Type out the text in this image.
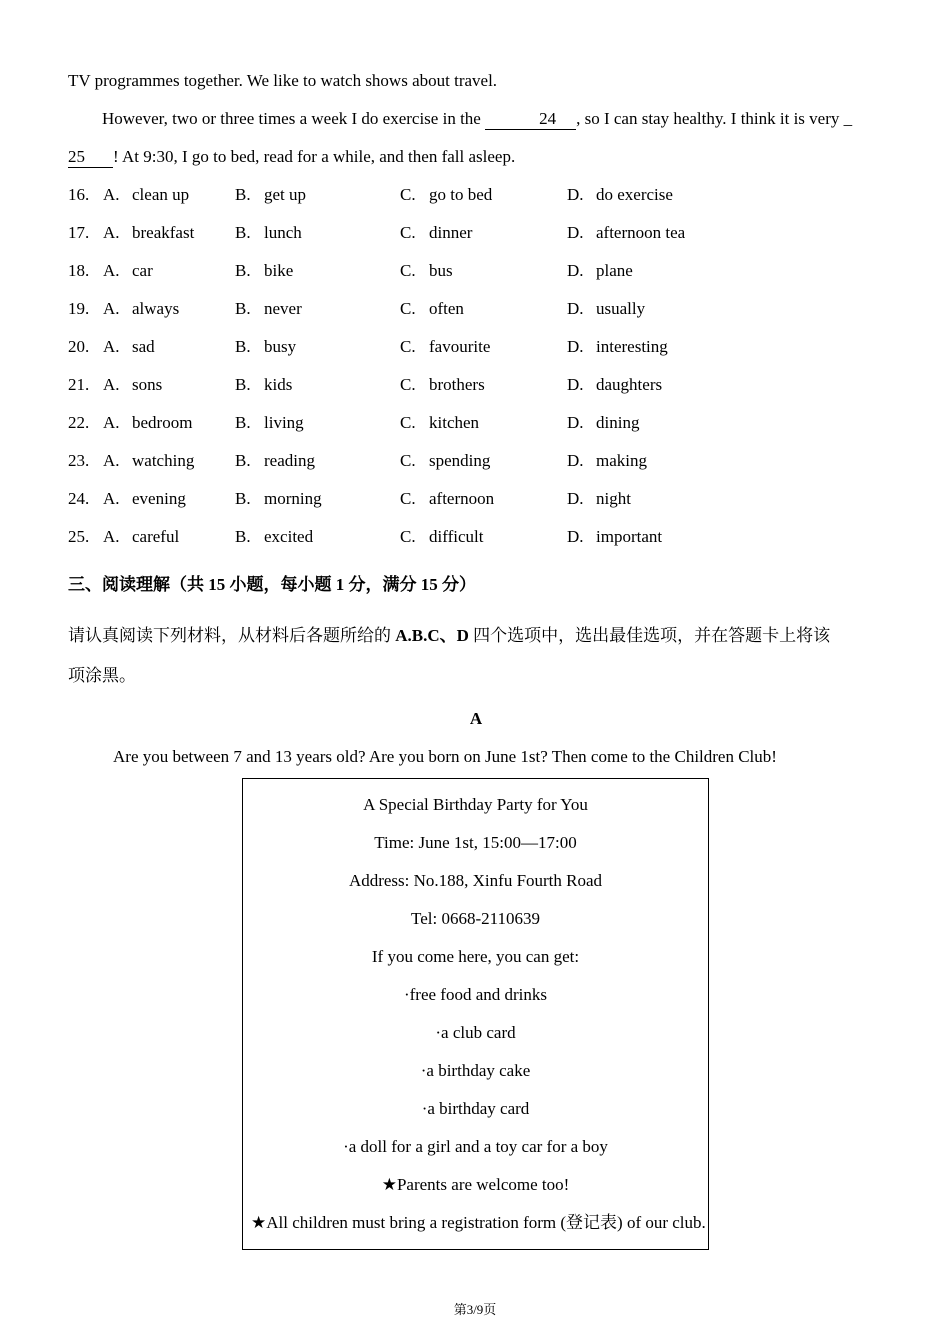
TV programmes together. We like to watch shows about travel.

However, two or three times a week I do exercise in the	24 , so I can stay healthy. I think it is very _

25 ! At 9:30, I go to bed, read for a while, and then fall asleep.

16. A. clean up	B. get up	C. go to bed	D. do exercise
17. A. breakfast	B. lunch	C. dinner	D. afternoon tea
18. A. car	B. bike	C. bus	D. plane
19. A. always	B. never	C. often	D. usually
20. A. sad	B. busy	C. favourite	D. interesting
21. A. sons	B. kids	C. brothers	D. daughters
22. A. bedroom	B. living	C. kitchen	D. dining
23. A. watching	B. reading	C. spending	D. making
24. A. evening	B. morning	C. afternoon	D. night
25. A. careful	B. excited	C. difficult	D. important

三、阅读理解（共 15 小题，每小题 1 分，满分 15 分）

请认真阅读下列材料，从材料后各题所给的 A.B.C、D 四个选项中，选出最佳选项，并在答题卡上将该

项涂黑。

A

Are you between 7 and 13 years old? Are you born on June 1st? Then come to the Children Club!

A Special Birthday Party for You

Time: June 1st, 15:00—17:00

Address: No.188, Xinfu Fourth Road

Tel: 0668-2110639

If you come here, you can get:

·free food and drinks

·a club card

·a birthday cake

·a birthday card

·a doll for a girl and a toy car for a boy

★Parents are welcome too!

★All children must bring a registration form (登记表) of our club.

第3/9页
